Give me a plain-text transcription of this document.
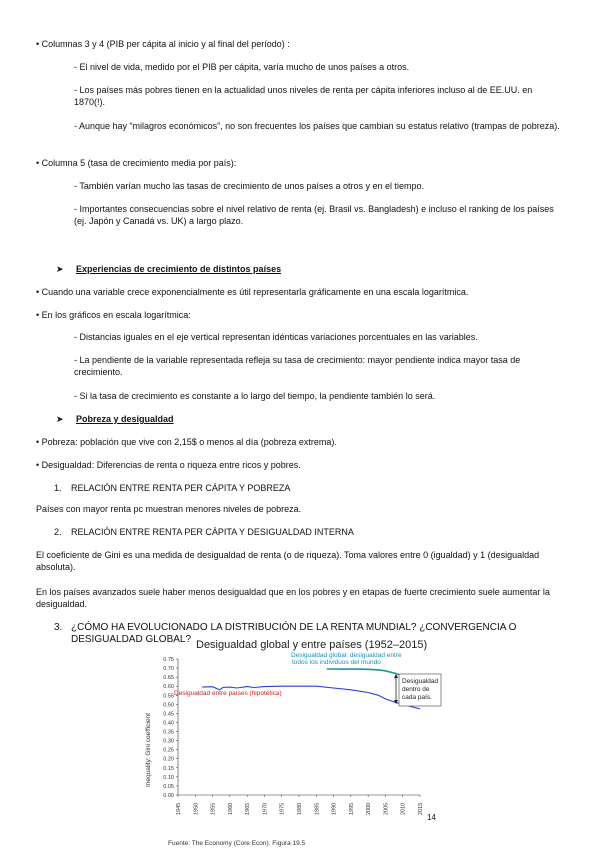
• Columnas 3 y 4 (PIB per cápita al inicio y al final del período) :
- El nivel de vida, medido por el PIB per cápita, varía mucho de unos países a otros.
- Los países más pobres tienen en la actualidad unos niveles de renta per cápita inferiores incluso al de EE.UU. en 1870(!).
- Aunque hay “milagros económicos”, no son frecuentes los países que cambian su estatus relativo (trampas de pobreza).
• Columna 5 (tasa de crecimiento media por país):
- También varían mucho las tasas de crecimiento de unos países a otros y en el tiempo.
- Importantes consecuencias sobre el nivel relativo de renta (ej. Brasil vs. Bangladesh) e incluso el ranking de los países (ej. Japón y Canadá vs. UK) a largo plazo.
➤ Experiencias de crecimiento de distintos países
• Cuando una variable crece exponencialmente es útil representarla gráficamente en una escala logarítmica.
• En los gráficos en escala logarítmica:
- Distancias iguales en el eje vertical representan idénticas variaciones porcentuales en las variables.
- La pendiente de la variable representada refleja su tasa de crecimiento: mayor pendiente indica mayor tasa de crecimiento.
- Si la tasa de crecimiento es constante a lo largo del tiempo, la pendiente también lo será.
➤ Pobreza y desigualdad
• Pobreza: población que vive con 2,15$ o menos al día (pobreza extrema).
• Desigualdad: Diferencias de renta o riqueza entre ricos y pobres.
1. RELACIÓN ENTRE RENTA PER CÁPITA Y POBREZA
Países con mayor renta pc muestran menores niveles de pobreza.
2. RELACIÓN ENTRE RENTA PER CÁPITA Y DESIGUALDAD INTERNA
El coeficiente de Gini es una medida de desigualdad de renta (o de riqueza). Toma valores entre 0 (igualdad) y 1 (desigualdad absoluta).
En los países avanzados suele haber menos desigualdad que en los pobres y en etapas de fuerte crecimiento suele aumentar la desigualdad.
3. ¿CÓMO HA EVOLUCIONADO LA DISTRIBUCIÓN DE LA RENTA MUNDIAL? ¿CONVERGENCIA O DESIGUALDAD GLOBAL? Desigualdad global y entre países (1952–2015)
Inequality: Gini coefficient
0.75
0.70
0.65
0.60
0.55
0.50
0.45
0.40
0.35
0.30
0.25
0.20
0.15
0.10
0.05
0.00
1945 1950 1955 1960 1965 1970 1975 1980 1985 1990 1995 2000 2005 2010 2015
Desigualdad global: desigualdad entre todos los individuos del mundo
Desigualdad entre países (hipotética)
Desigualdad dentro de cada país.
Fuente: The Economy (Core Econ). Figura 19.5
14
